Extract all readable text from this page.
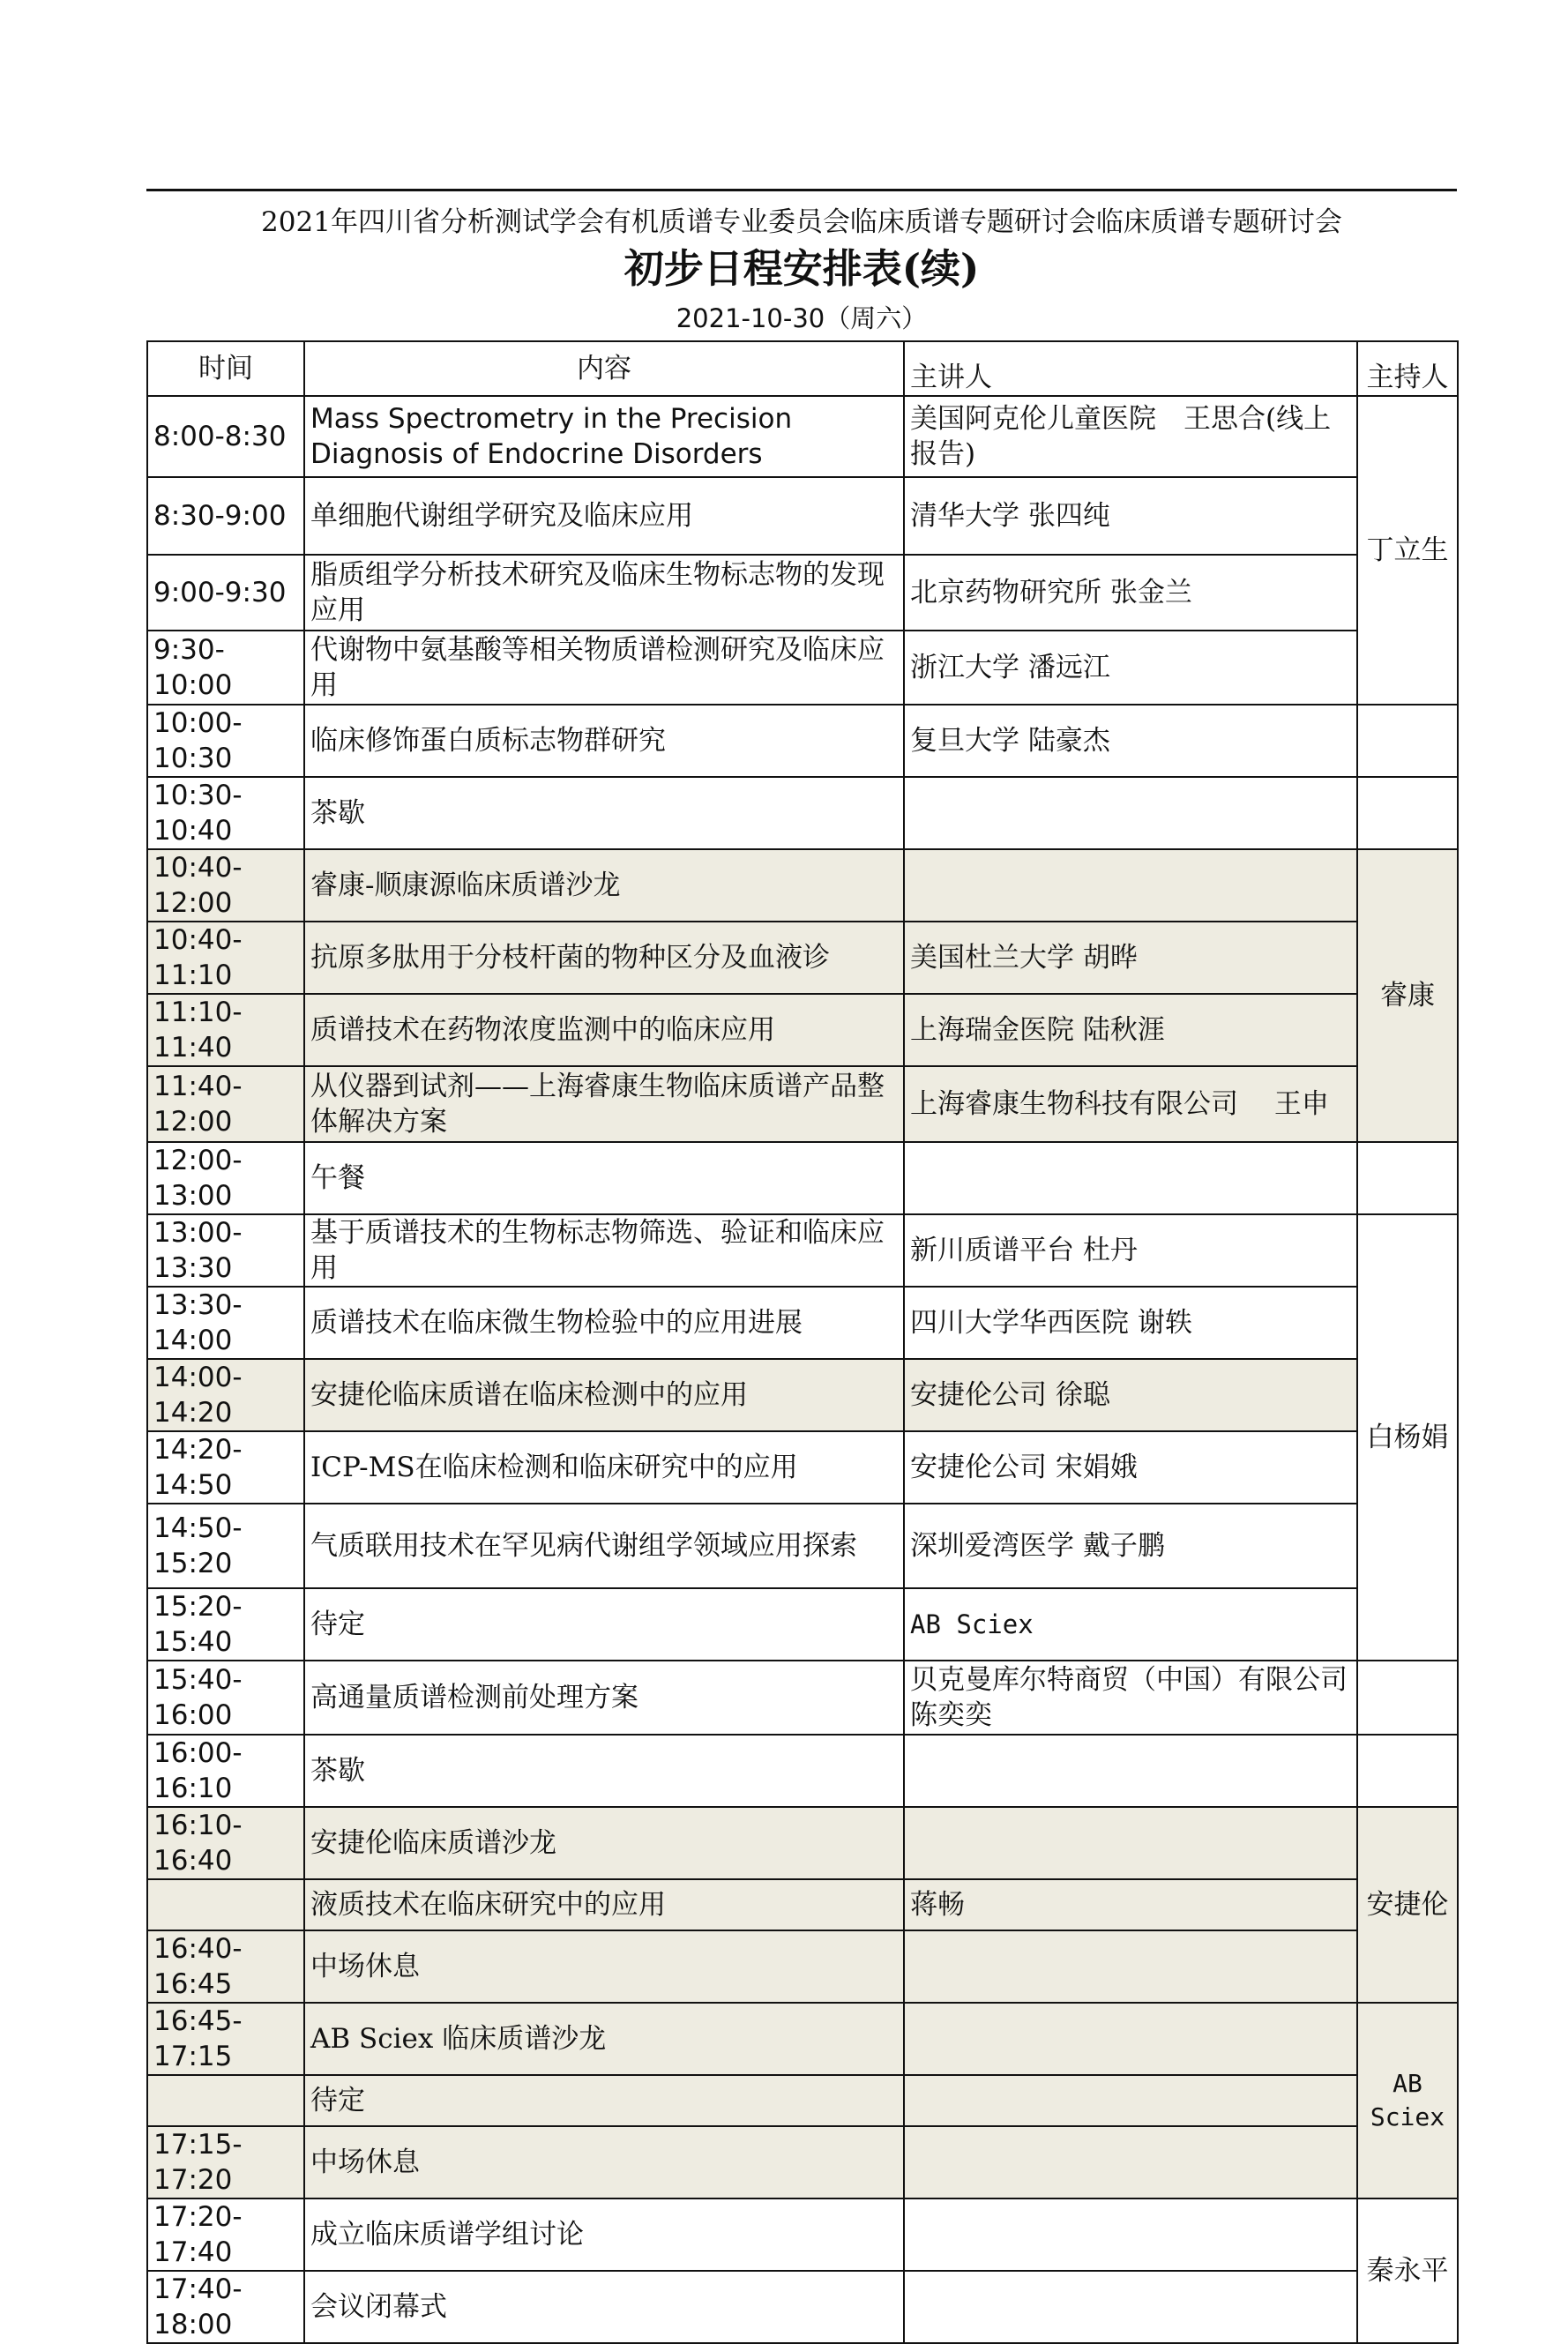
2021年四川省分析测试学会有机质谱专业委员会临床质谱专题研讨会临床质谱专题研讨会
初步日程安排表(续)
2021-10-30（周六）
时间	内容	主讲人	主持人
8:00-8:30	Mass Spectrometry in the Precision Diagnosis of Endocrine Disorders	美国阿克伦儿童医院　王思合(线上报告)	丁立生
8:30-9:00	单细胞代谢组学研究及临床应用	清华大学 张四纯	
9:00-9:30	脂质组学分析技术研究及临床生物标志物的发现应用	北京药物研究所 张金兰	
9:30-10:00	代谢物中氨基酸等相关物质谱检测研究及临床应用	浙江大学 潘远江	
10:00-10:30	临床修饰蛋白质标志物群研究	复旦大学 陆豪杰	
10:30-10:40	茶歇		
10:40-12:00	睿康-顺康源临床质谱沙龙		睿康
10:40-11:10	抗原多肽用于分枝杆菌的物种区分及血液诊	美国杜兰大学 胡晔	
11:10-11:40	质谱技术在药物浓度监测中的临床应用	上海瑞金医院 陆秋涯	
11:40-12:00	从仪器到试剂——上海睿康生物临床质谱产品整体解决方案	上海睿康生物科技有限公司　 王申	
12:00-13:00	午餐		
13:00-13:30	基于质谱技术的生物标志物筛选、验证和临床应用	新川质谱平台 杜丹	白杨娟
13:30-14:00	质谱技术在临床微生物检验中的应用进展	四川大学华西医院 谢轶	
14:00-14:20	安捷伦临床质谱在临床检测中的应用	安捷伦公司 徐聪	
14:20-14:50	ICP-MS在临床检测和临床研究中的应用	安捷伦公司 宋娟娥	
14:50-15:20	气质联用技术在罕见病代谢组学领域应用探索	深圳爱湾医学 戴子鹏	
15:20-15:40	待定	AB Sciex	
15:40-16:00	高通量质谱检测前处理方案	贝克曼库尔特商贸（中国）有限公司　 陈奕奕	
16:00-16:10	茶歇		
16:10-16:40	安捷伦临床质谱沙龙		安捷伦
	液质技术在临床研究中的应用	蒋畅	
16:40-16:45	中场休息		
16:45-17:15	AB Sciex 临床质谱沙龙		AB Sciex
	待定		
17:15-17:20	中场休息		
17:20-17:40	成立临床质谱学组讨论		秦永平
17:40-18:00	会议闭幕式		
